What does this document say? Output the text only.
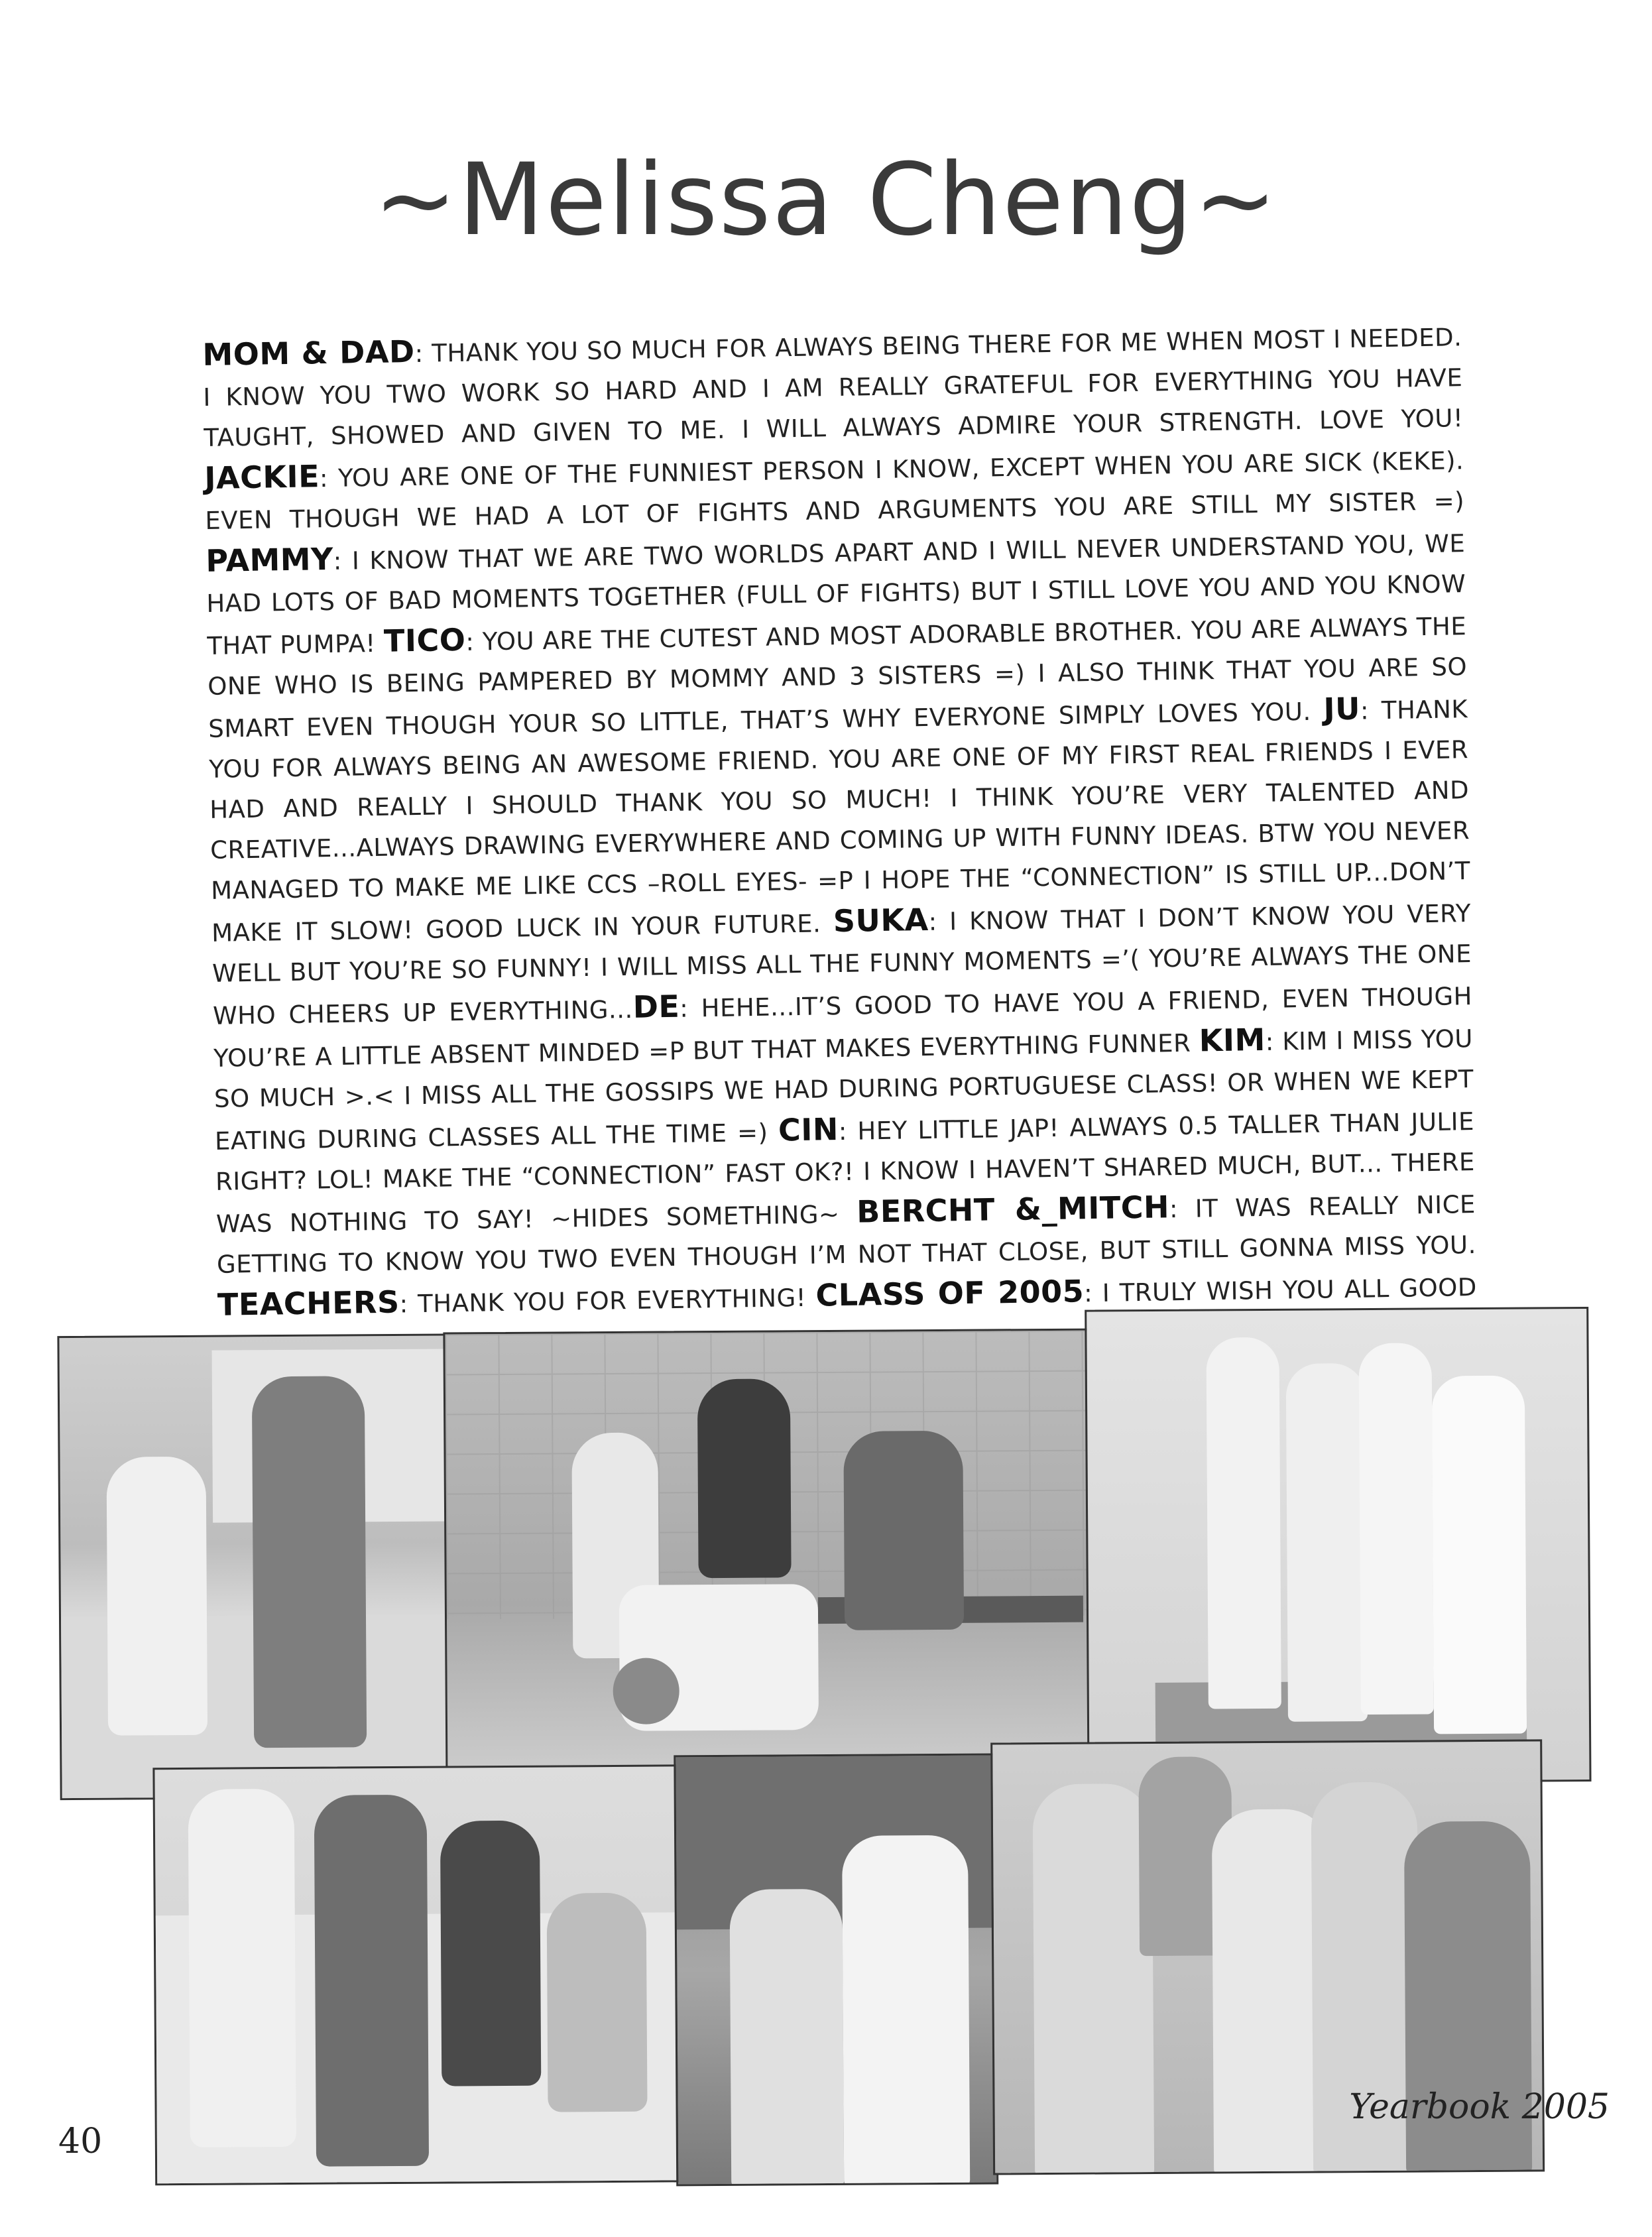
~Melissa Cheng~
MOM & DAD: THANK YOU SO MUCH FOR ALWAYS BEING THERE FOR ME WHEN MOST I NEEDED. I KNOW YOU TWO WORK SO HARD AND I AM REALLY GRATEFUL FOR EVERYTHING YOU HAVE TAUGHT, SHOWED AND GIVEN TO ME. I WILL ALWAYS ADMIRE YOUR STRENGTH. LOVE YOU! JACKIE: YOU ARE ONE OF THE FUNNIEST PERSON I KNOW, EXCEPT WHEN YOU ARE SICK (KEKE). EVEN THOUGH WE HAD A LOT OF FIGHTS AND ARGUMENTS YOU ARE STILL MY SISTER =) PAMMY: I KNOW THAT WE ARE TWO WORLDS APART AND I WILL NEVER UNDERSTAND YOU, WE HAD LOTS OF BAD MOMENTS TOGETHER (FULL OF FIGHTS) BUT I STILL LOVE YOU AND YOU KNOW THAT PUMPA! TICO: YOU ARE THE CUTEST AND MOST ADORABLE BROTHER. YOU ARE ALWAYS THE ONE WHO IS BEING PAMPERED BY MOMMY AND 3 SISTERS =) I ALSO THINK THAT YOU ARE SO SMART EVEN THOUGH YOUR SO LITTLE, THAT’S WHY EVERYONE SIMPLY LOVES YOU. JU: THANK YOU FOR ALWAYS BEING AN AWESOME FRIEND. YOU ARE ONE OF MY FIRST REAL FRIENDS I EVER HAD AND REALLY I SHOULD THANK YOU SO MUCH! I THINK YOU’RE VERY TALENTED AND CREATIVE...ALWAYS DRAWING EVERYWHERE AND COMING UP WITH FUNNY IDEAS. BTW YOU NEVER MANAGED TO MAKE ME LIKE CCS –ROLL EYES- =P I HOPE THE “CONNECTION” IS STILL UP...DON’T MAKE IT SLOW! GOOD LUCK IN YOUR FUTURE. SUKA: I KNOW THAT I DON’T KNOW YOU VERY WELL BUT YOU’RE SO FUNNY! I WILL MISS ALL THE FUNNY MOMENTS =’( YOU’RE ALWAYS THE ONE WHO CHEERS UP EVERYTHING...DE: HEHE...IT’S GOOD TO HAVE YOU A FRIEND, EVEN THOUGH YOU’RE A LITTLE ABSENT MINDED =P BUT THAT MAKES EVERYTHING FUNNER KIM: KIM I MISS YOU SO MUCH >.< I MISS ALL THE GOSSIPS WE HAD DURING PORTUGUESE CLASS! OR WHEN WE KEPT EATING DURING CLASSES ALL THE TIME =) CIN: HEY LITTLE JAP! ALWAYS 0.5 TALLER THAN JULIE RIGHT? LOL! MAKE THE “CONNECTION” FAST OK?! I KNOW I HAVEN’T SHARED MUCH, BUT... THERE WAS NOTHING TO SAY! ~HIDES SOMETHING~ BERCHT &_MITCH: IT WAS REALLY NICE GETTING TO KNOW YOU TWO EVEN THOUGH I’M NOT THAT CLOSE, BUT STILL GONNA MISS YOU. TEACHERS: THANK YOU FOR EVERYTHING! CLASS OF 2005: I TRULY WISH YOU ALL GOOD
40
Yearbook 2005
